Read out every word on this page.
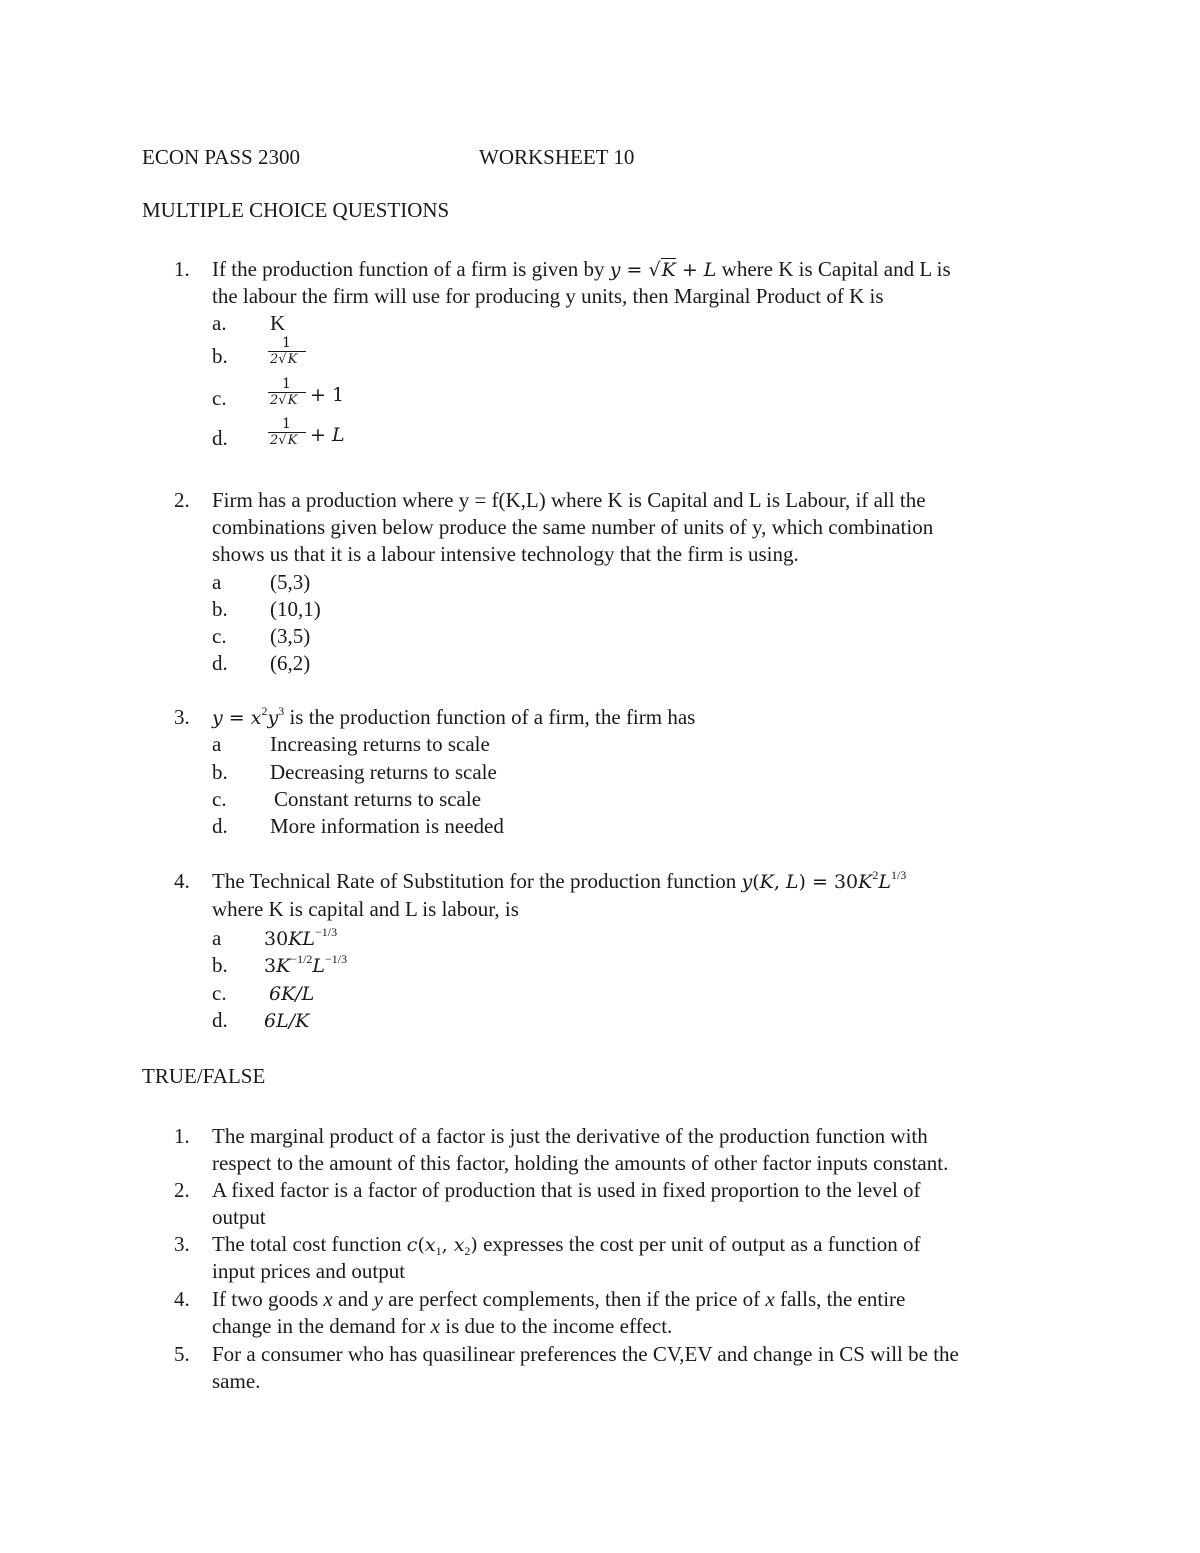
ECON PASS 2300	WORKSHEET 10
MULTIPLE CHOICE QUESTIONS
1. If the production function of a firm is given by y = √K + L where K is Capital and L is
the labour the firm will use for producing y units, then Marginal Product of K is
a. K
b.
1
2√K
c.
1
2√K + 1
d.
1
2√K + L
2. Firm has a production where y = f(K,L) where K is Capital and L is Labour, if all the
combinations given below produce the same number of units of y, which combination
shows us that it is a labour intensive technology that the firm is using.
a (5,3)
b. (10,1)
c. (3,5)
d. (6,2)
3. $y = x^2y^3$ is the production function of a firm, the firm has
a Increasing returns to scale
b. Decreasing returns to scale
c. Constant returns to scale
d. More information is needed
4. The Technical Rate of Substitution for the production function y(K, $L) = 30K^2L^{1/3}$
where K is capital and L is labour, is
a $30KL^{-1/3}$
b. $3K^{-1/2}L^{-1/3}$
c. 6K/L
d. 6L/K
TRUE/FALSE
1. The marginal product of a factor is just the derivative of the production function with
respect to the amount of this factor, holding the amounts of other factor inputs constant.
2. A fixed factor is a factor of production that is used in fixed proportion to the level of
output
3. The total cost function $c(x_1$, $x_2$) expresses the cost per unit of output as a function of
input prices and output
4. If two goods x and y are perfect complements, then if the price of x falls, the entire
change in the demand for x is due to the income effect.
5. For a consumer who has quasilinear preferences the CV,EV and change in CS will be the
same.
